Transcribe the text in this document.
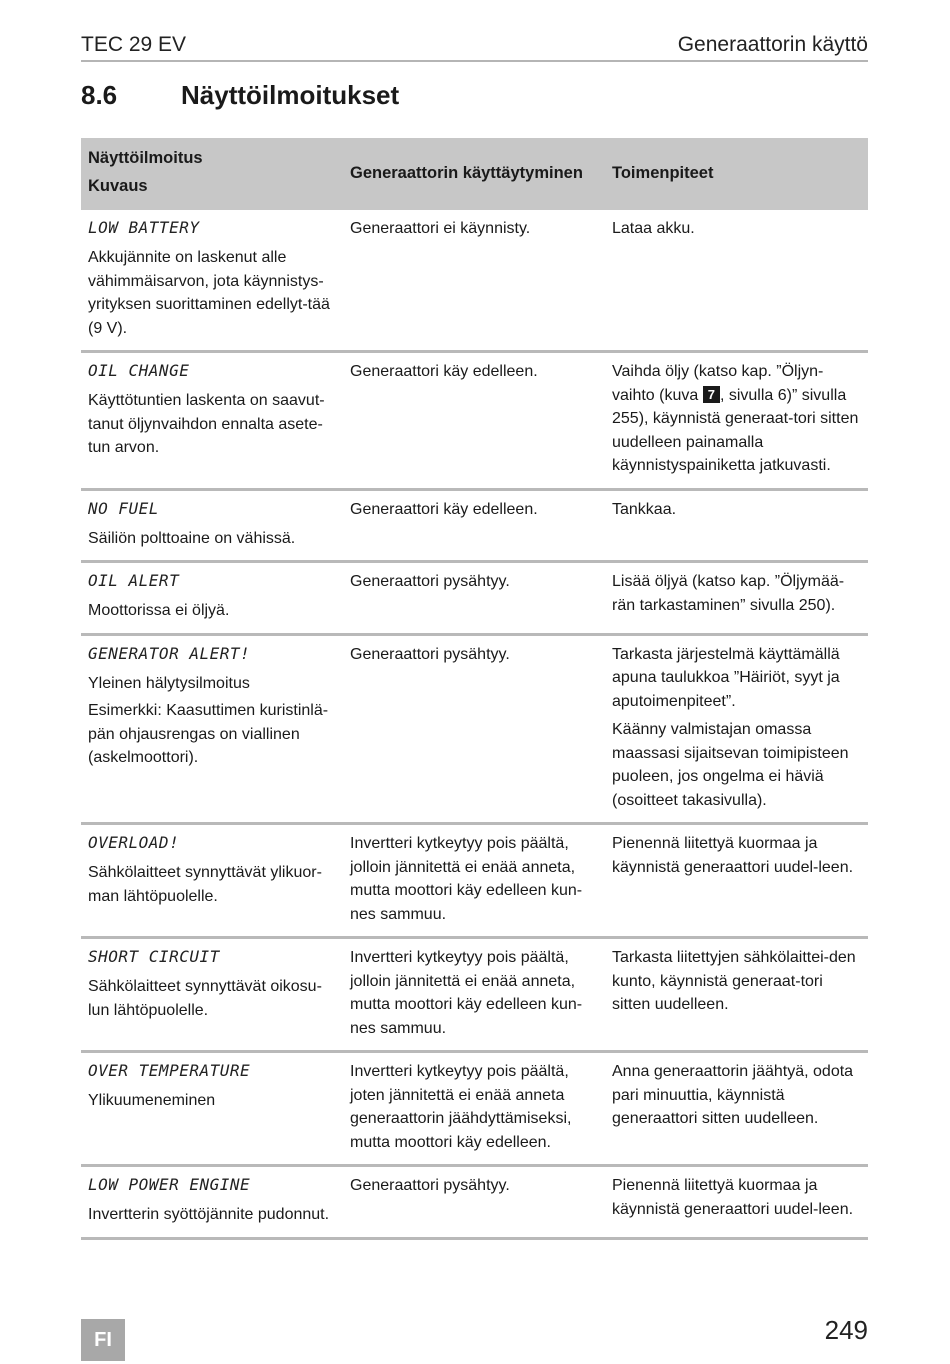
TEC 29 EV	Generaattorin käyttö
8.6 Näyttöilmoitukset
Näyttöilmoitus
Kuvaus	Generaattorin käyttäytyminen	Toimenpiteet

LOW BATTERY
Akkujännite on laskenut alle vähimmäisarvon, jota käynnistys-yrityksen suorittaminen edellyt-tää (9 V).	Generaattori ei käynnisty.	Lataa akku.

OIL CHANGE
Käyttötuntien laskenta on saavut-tanut öljynvaihdon ennalta asete-tun arvon.	Generaattori käy edelleen.	Vaihda öljy (katso kap. ”Öljyn-vaihto (kuva 7 , sivulla 6)” sivulla 255), käynnistä generaat-tori sitten uudelleen painamalla käynnistyspainiketta jatkuvasti.

NO FUEL
Säiliön polttoaine on vähissä.	Generaattori käy edelleen.	Tankkaa.

OIL ALERT
Moottorissa ei öljyä.	Generaattori pysähtyy.	Lisää öljyä (katso kap. ”Öljymää-rän tarkastaminen” sivulla 250).

GENERATOR ALERT!
Yleinen hälytysilmoitus
Esimerkki: Kaasuttimen kuristinlä-pän ohjausrengas on viallinen (askelmoottori).	Generaattori pysähtyy.	Tarkasta järjestelmä käyttämällä apuna taulukkoa ”Häiriöt, syyt ja aputoimenpiteet”.
Käänny valmistajan omassa maassasi sijaitsevan toimipisteen puoleen, jos ongelma ei häviä (osoitteet takasivulla).

OVERLOAD!
Sähkölaitteet synnyttävät ylikuor-man lähtöpuolelle.	Invertteri kytkeytyy pois päältä, jolloin jännitettä ei enää anneta, mutta moottori käy edelleen kun-nes sammuu.	Pienennä liitettyä kuormaa ja käynnistä generaattori uudel-leen.

SHORT CIRCUIT
Sähkölaitteet synnyttävät oikosu-lun lähtöpuolelle.	Invertteri kytkeytyy pois päältä, jolloin jännitettä ei enää anneta, mutta moottori käy edelleen kun-nes sammuu.	Tarkasta liitettyjen sähkölaittei-den kunto, käynnistä generaat-tori sitten uudelleen.

OVER TEMPERATURE
Ylikuumeneminen	Invertteri kytkeytyy pois päältä, joten jännitettä ei enää anneta generaattorin jäähdyttämiseksi, mutta moottori käy edelleen.	Anna generaattorin jäähtyä, odota pari minuuttia, käynnistä generaattori sitten uudelleen.

LOW POWER ENGINE
Invertterin syöttöjännite pudonnut.	Generaattori pysähtyy.	Pienennä liitettyä kuormaa ja käynnistä generaattori uudel-leen.
FI	249
